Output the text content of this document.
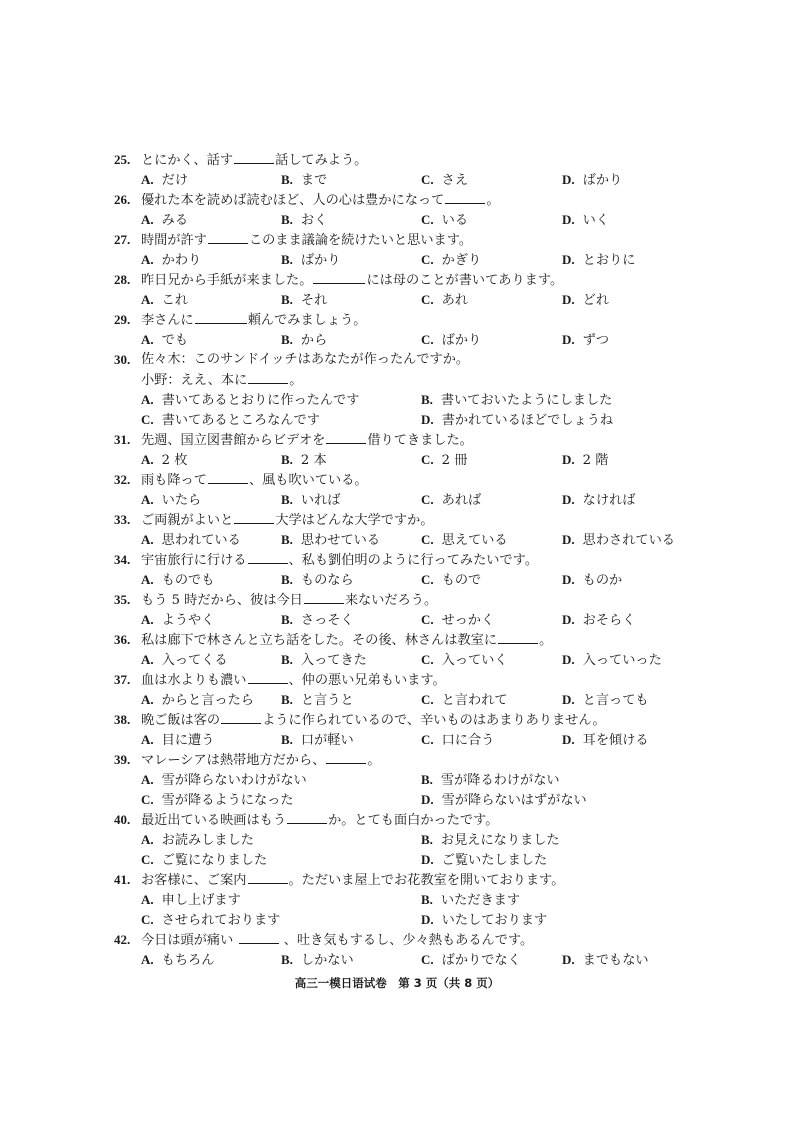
25. とにかく、話す	話してみよう。
A. だけ	B. まで	C. さえ	D. ばかり
26. 優れた本を読めば読むほど、人の心は豊かになって	。
A. みる	B. おく	C. いる	D. いく
27. 時間が許す	このまま議論を続けたいと思います。
A. かわり	B. ばかり	C. かぎり	D. とおりに
28. 昨日兄から手紙が来ました。	には母のことが書いてあります。
A. これ	B. それ	C. あれ	D. どれ
29. 李さんに	頼んでみましょう。
A. でも	B. から	C. ばかり	D. ずつ
30. 佐々木：このサンドイッチはあなたが作ったんですか。
小野：ええ、本に	。
A. 書いてあるとおりに作ったんです	B. 書いておいたようにしました
C. 書いてあるところなんです	D. 書かれているほどでしょうね
31. 先週、国立図書館からビデオを	借りてきました。
A. 2 枚	B. 2 本	C. 2 冊	D. 2 階
32. 雨も降って	、風も吹いている。
A. いたら	B. いれば	C. あれば	D. なければ
33. ご両親がよいと	大学はどんな大学ですか。
A. 思われている	B. 思わせている	C. 思えている	D. 思わされている
34. 宇宙旅行に行ける	、私も劉伯明のように行ってみたいです。
A. ものでも	B. ものなら	C. もので	D. ものか
35. もう 5 時だから、彼は今日	来ないだろう。
A. ようやく	B. さっそく	C. せっかく	D. おそらく
36. 私は廊下で林さんと立ち話をした。その後、林さんは教室に	。
A. 入ってくる	B. 入ってきた	C. 入っていく	D. 入っていった
37. 血は水よりも濃い	、仲の悪い兄弟もいます。
A. からと言ったら B. と言うと	C. と言われて	D. と言っても
38. 晩ご飯は客の	ように作られているので、辛いものはあまりありません。
A. 目に遭う	B. 口が軽い	C. 口に合う	D. 耳を傾ける
39. マレーシアは熱帯地方だから、	。
A. 雪が降らないわけがない	B. 雪が降るわけがない
C. 雪が降るようになった	D. 雪が降らないはずがない
40. 最近出ている映画はもう	か。とても面白かったです。
A. お読みしました	B. お見えになりました
C. ご覧になりました	D. ご覧いたしました
41. お客様に、ご案内	。ただいま屋上でお花教室を開いております。
A. 申し上げます	B. いただきます
C. させられております	D. いたしております
42. 今日は頭が痛い	、吐き気もするし、少々熱もあるんです。
A. もちろん	B. しかない	C. ばかりでなく	D. までもない
高三一模日语试卷　第 3 页（共 8 页）
